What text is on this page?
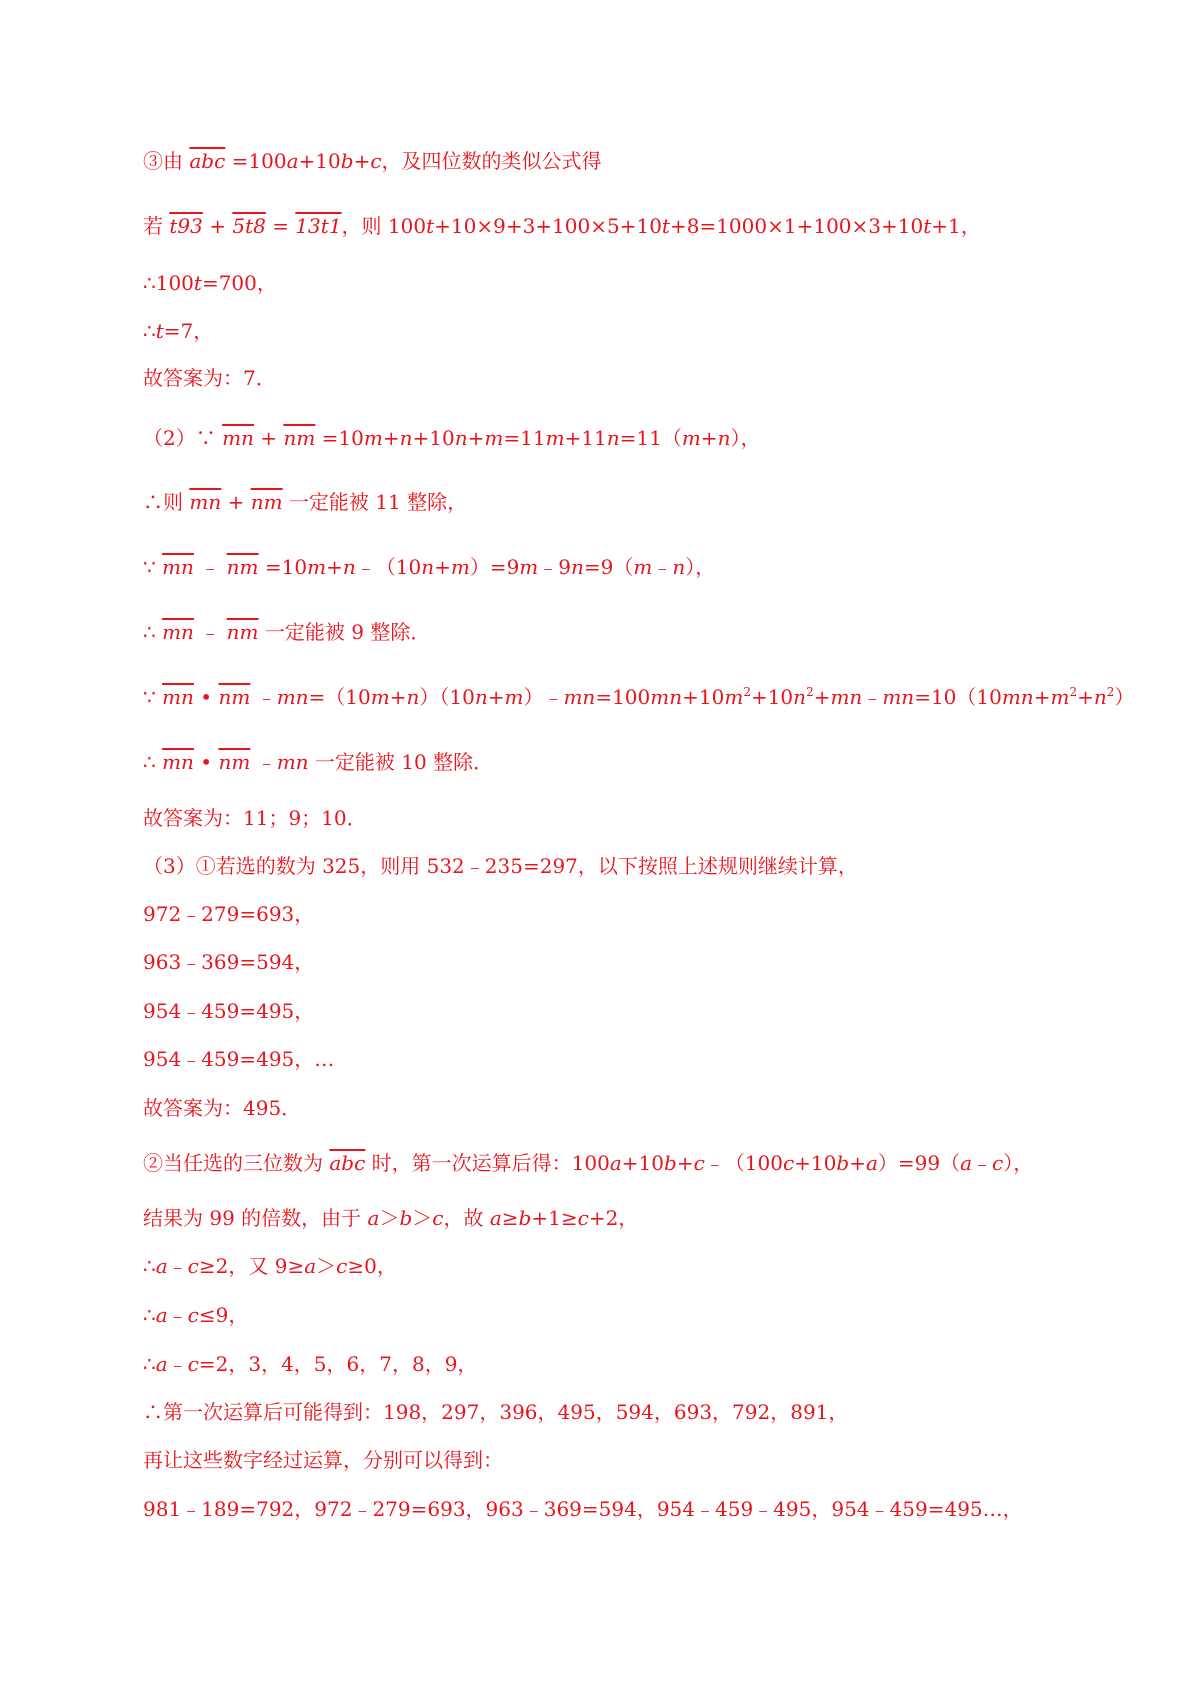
③由 $\overline{abc} =100a+10b+c$，及四位数的类似公式得
若 t93 + 5t8 = 13t1，则 100t+10×9+3+100×5+10t+8=1000×1+100×3+10t+1，
∴100t=700，
∴t=7，
故答案为：7．
（2）∵ $\overline{mn} + \overline{nm} =10m+n+10n+m=11m+11n=11(m+n)$，
∴则 $\overline{mn} + \overline{nm}$ 一定能被 11 整除，
∵ $\overline{mn}$ ﹣ $\overline{nm}$ =10m+n﹣（10n+m）=9m﹣9n=9（m﹣n），
∴ $\overline{mn}$ ﹣ $\overline{nm}$ 一定能被 9 整除．
∵ $\overline{mn}$ • $\overline{nm}$ $﹣mn=(10m+n)(10n+m)﹣mn=100mn+10m^2+10n^2+mn﹣mn=10(10mn+m^2+n^2)$
∴ $\overline{mn}$ • $\overline{nm}$ ﹣mn 一定能被 10 整除．
故答案为：11；9；10．
（3）①若选的数为 325，则用 532﹣235=297，以下按照上述规则继续计算，
972﹣279=693，
963﹣369=594，
954﹣459=495，
954﹣459=495，…
故答案为：495．
②当任选的三位数为 $\overline{abc}$ 时，第一次运算后得：100a+10b+c﹣（100c+10b+a）=99（a﹣c），
结果为 99 的倍数，由于 a＞b＞c，故 a≥b+1≥c+2，
∴a﹣c≥2，又 9≥a＞c≥0，
∴a﹣c≤9，
∴a﹣c=2，3，4，5，6，7，8，9，
∴第一次运算后可能得到：198，297，396，495，594，693，792，891，
再让这些数字经过运算，分别可以得到：
981﹣189=792，972﹣279=693，963﹣369=594，954﹣459﹣495，954﹣459=495…，
